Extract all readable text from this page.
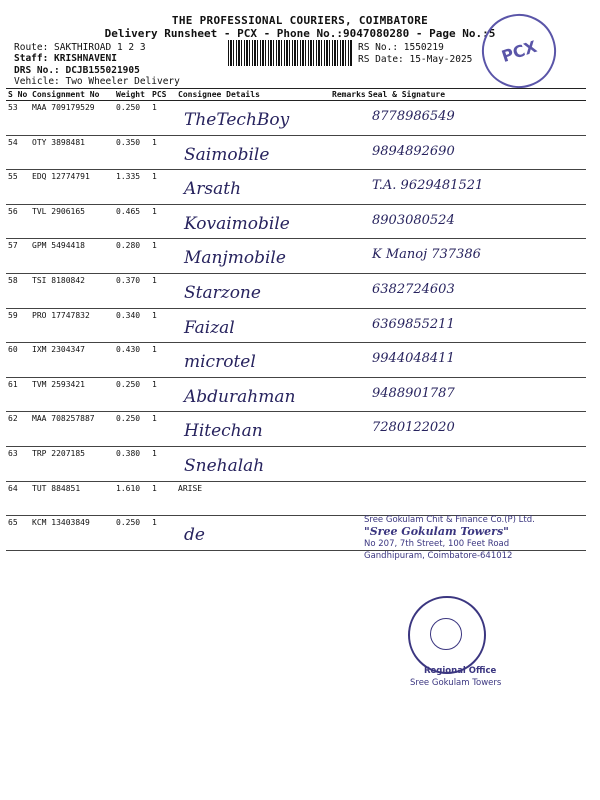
THE PROFESSIONAL COURIERS, COIMBATORE
Delivery Runsheet - PCX - Phone No.:9047080280 - Page No.:5
Route: SAKTHIROAD 1 2 3
Staff: KRISHNAVENI
DRS No.: DCJB155021905
Vehicle: Two Wheeler Delivery
RS No.: 1550219
RS Date: 15-May-2025 PCX
S No	Consignment No	Weight	PCS	Consignee Details	Remarks	Seal & Signature
53	MAA 709179529	0.250	1	TheTechBoy		8778986549

54	OTY 3898481	0.350	1	Saimobile		9894892690

55	EDQ 12774791	1.335	1	Arsath		T.A. 9629481521

56	TVL 2906165	0.465	1	Kovaimobile		8903080524

57	GPM 5494418	0.280	1	Manjmobile		K Manoj 737386

58	TSI 8180842	0.370	1	Starzone		6382724603

59	PRO 17747832	0.340	1	Faizal		6369855211

60	IXM 2304347	0.430	1	microtel		9944048411

61	TVM 2593421	0.250	1	Abdurahman		9488901787

62	MAA 708257887	0.250	1	Hitechan		7280122020

63	TRP 2207185	0.380	1	Snehalah		

64	TUT 884851	1.610	1	ARISE

65	KCM 13403849	0.250	1	de		

Sree Gokulam Chit & Finance Co.(P) Ltd.
"Sree Gokulam Towers"
No 207, 7th Street, 100 Feet Road
Gandhipuram, Coimbatore-641012
Regional Office
Sree Gokulam Towers
